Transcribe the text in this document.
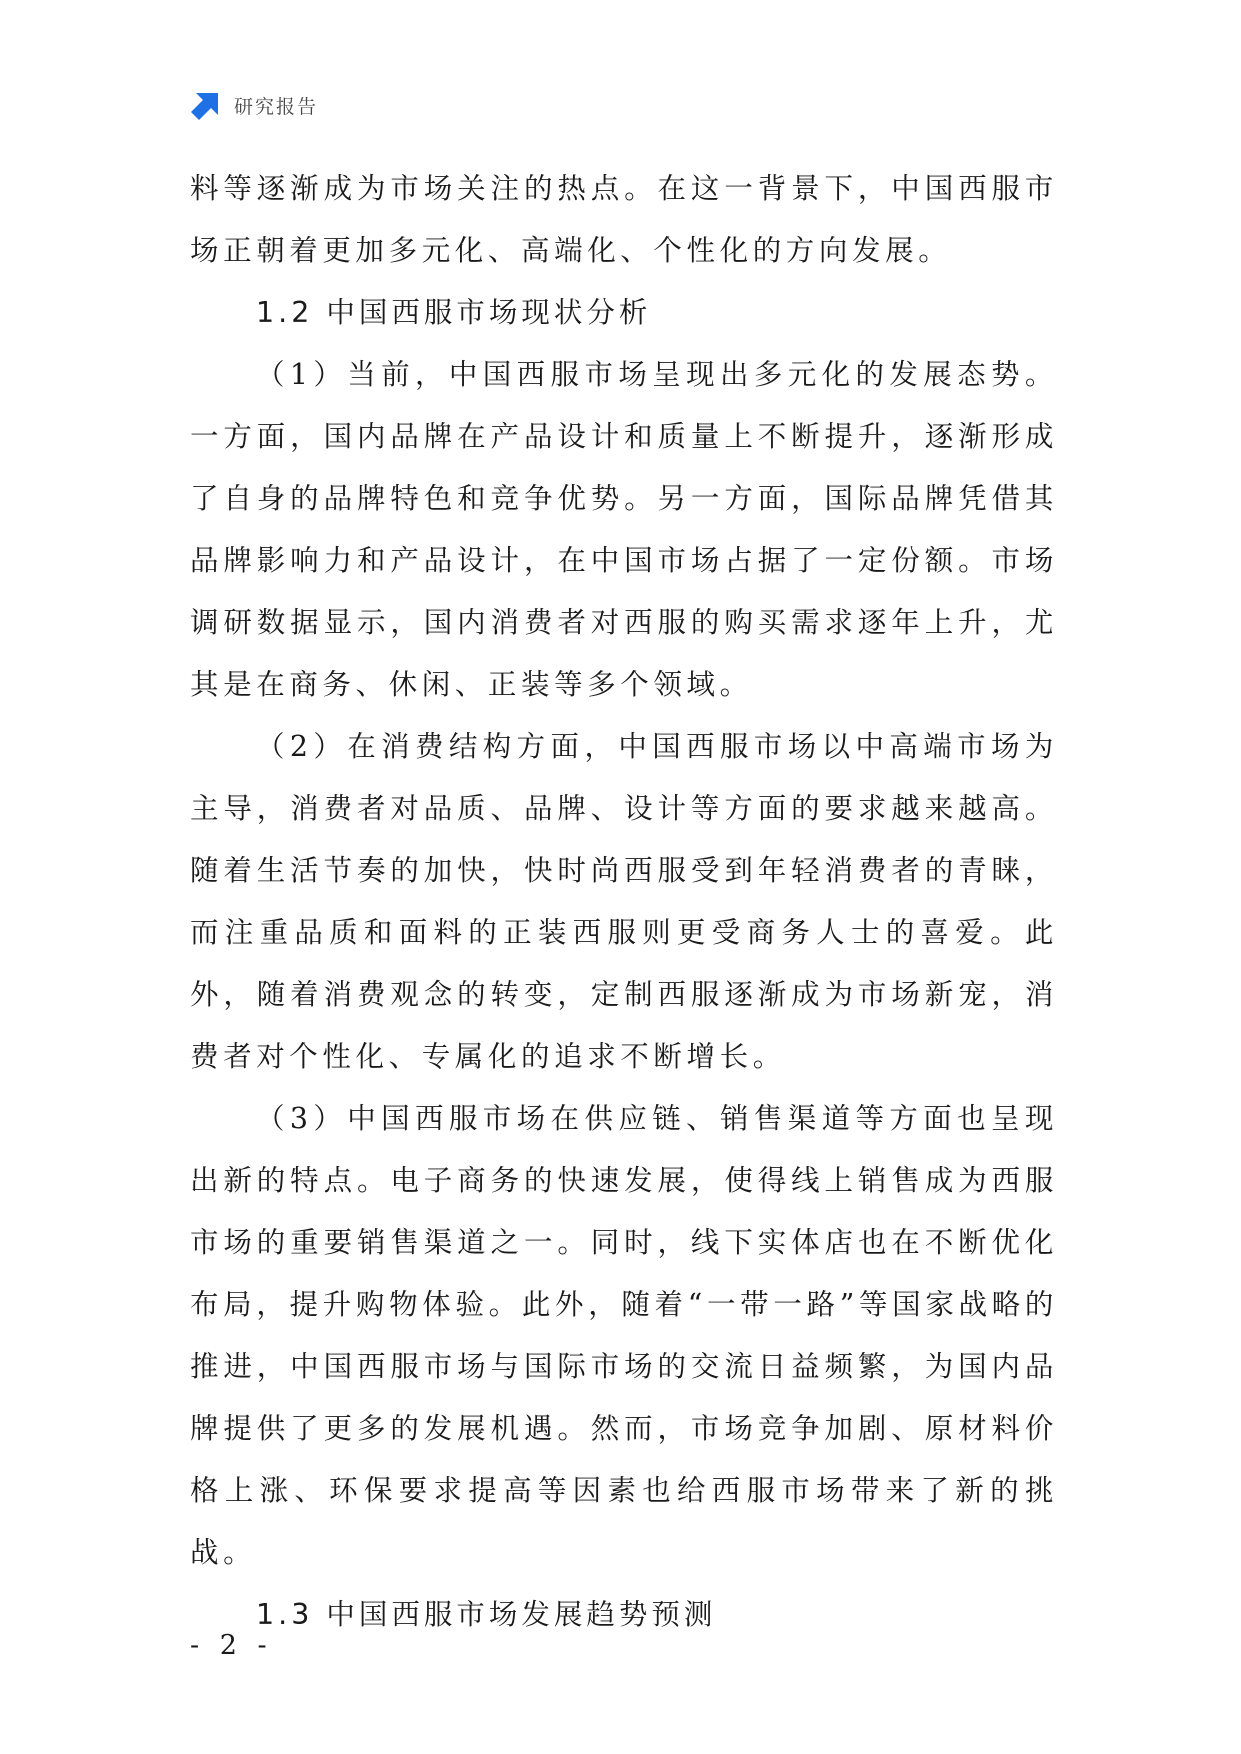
研究报告

料等逐渐成为市场关注的热点。在这一背景下，中国西服市场正朝着更加多元化、高端化、个性化的方向发展。

1.2 中国西服市场现状分析

（1）当前，中国西服市场呈现出多元化的发展态势。一方面，国内品牌在产品设计和质量上不断提升，逐渐形成了自身的品牌特色和竞争优势。另一方面，国际品牌凭借其品牌影响力和产品设计，在中国市场占据了一定份额。市场调研数据显示，国内消费者对西服的购买需求逐年上升，尤其是在商务、休闲、正装等多个领域。

（2）在消费结构方面，中国西服市场以中高端市场为主导，消费者对品质、品牌、设计等方面的要求越来越高。随着生活节奏的加快，快时尚西服受到年轻消费者的青睐，而注重品质和面料的正装西服则更受商务人士的喜爱。此外，随着消费观念的转变，定制西服逐渐成为市场新宠，消费者对个性化、专属化的追求不断增长。

（3）中国西服市场在供应链、销售渠道等方面也呈现出新的特点。电子商务的快速发展，使得线上销售成为西服市场的重要销售渠道之一。同时，线下实体店也在不断优化布局，提升购物体验。此外，随着“一带一路”等国家战略的推进，中国西服市场与国际市场的交流日益频繁，为国内品牌提供了更多的发展机遇。然而，市场竞争加剧、原材料价格上涨、环保要求提高等因素也给西服市场带来了新的挑战。

1.3 中国西服市场发展趋势预测

- 2 -
